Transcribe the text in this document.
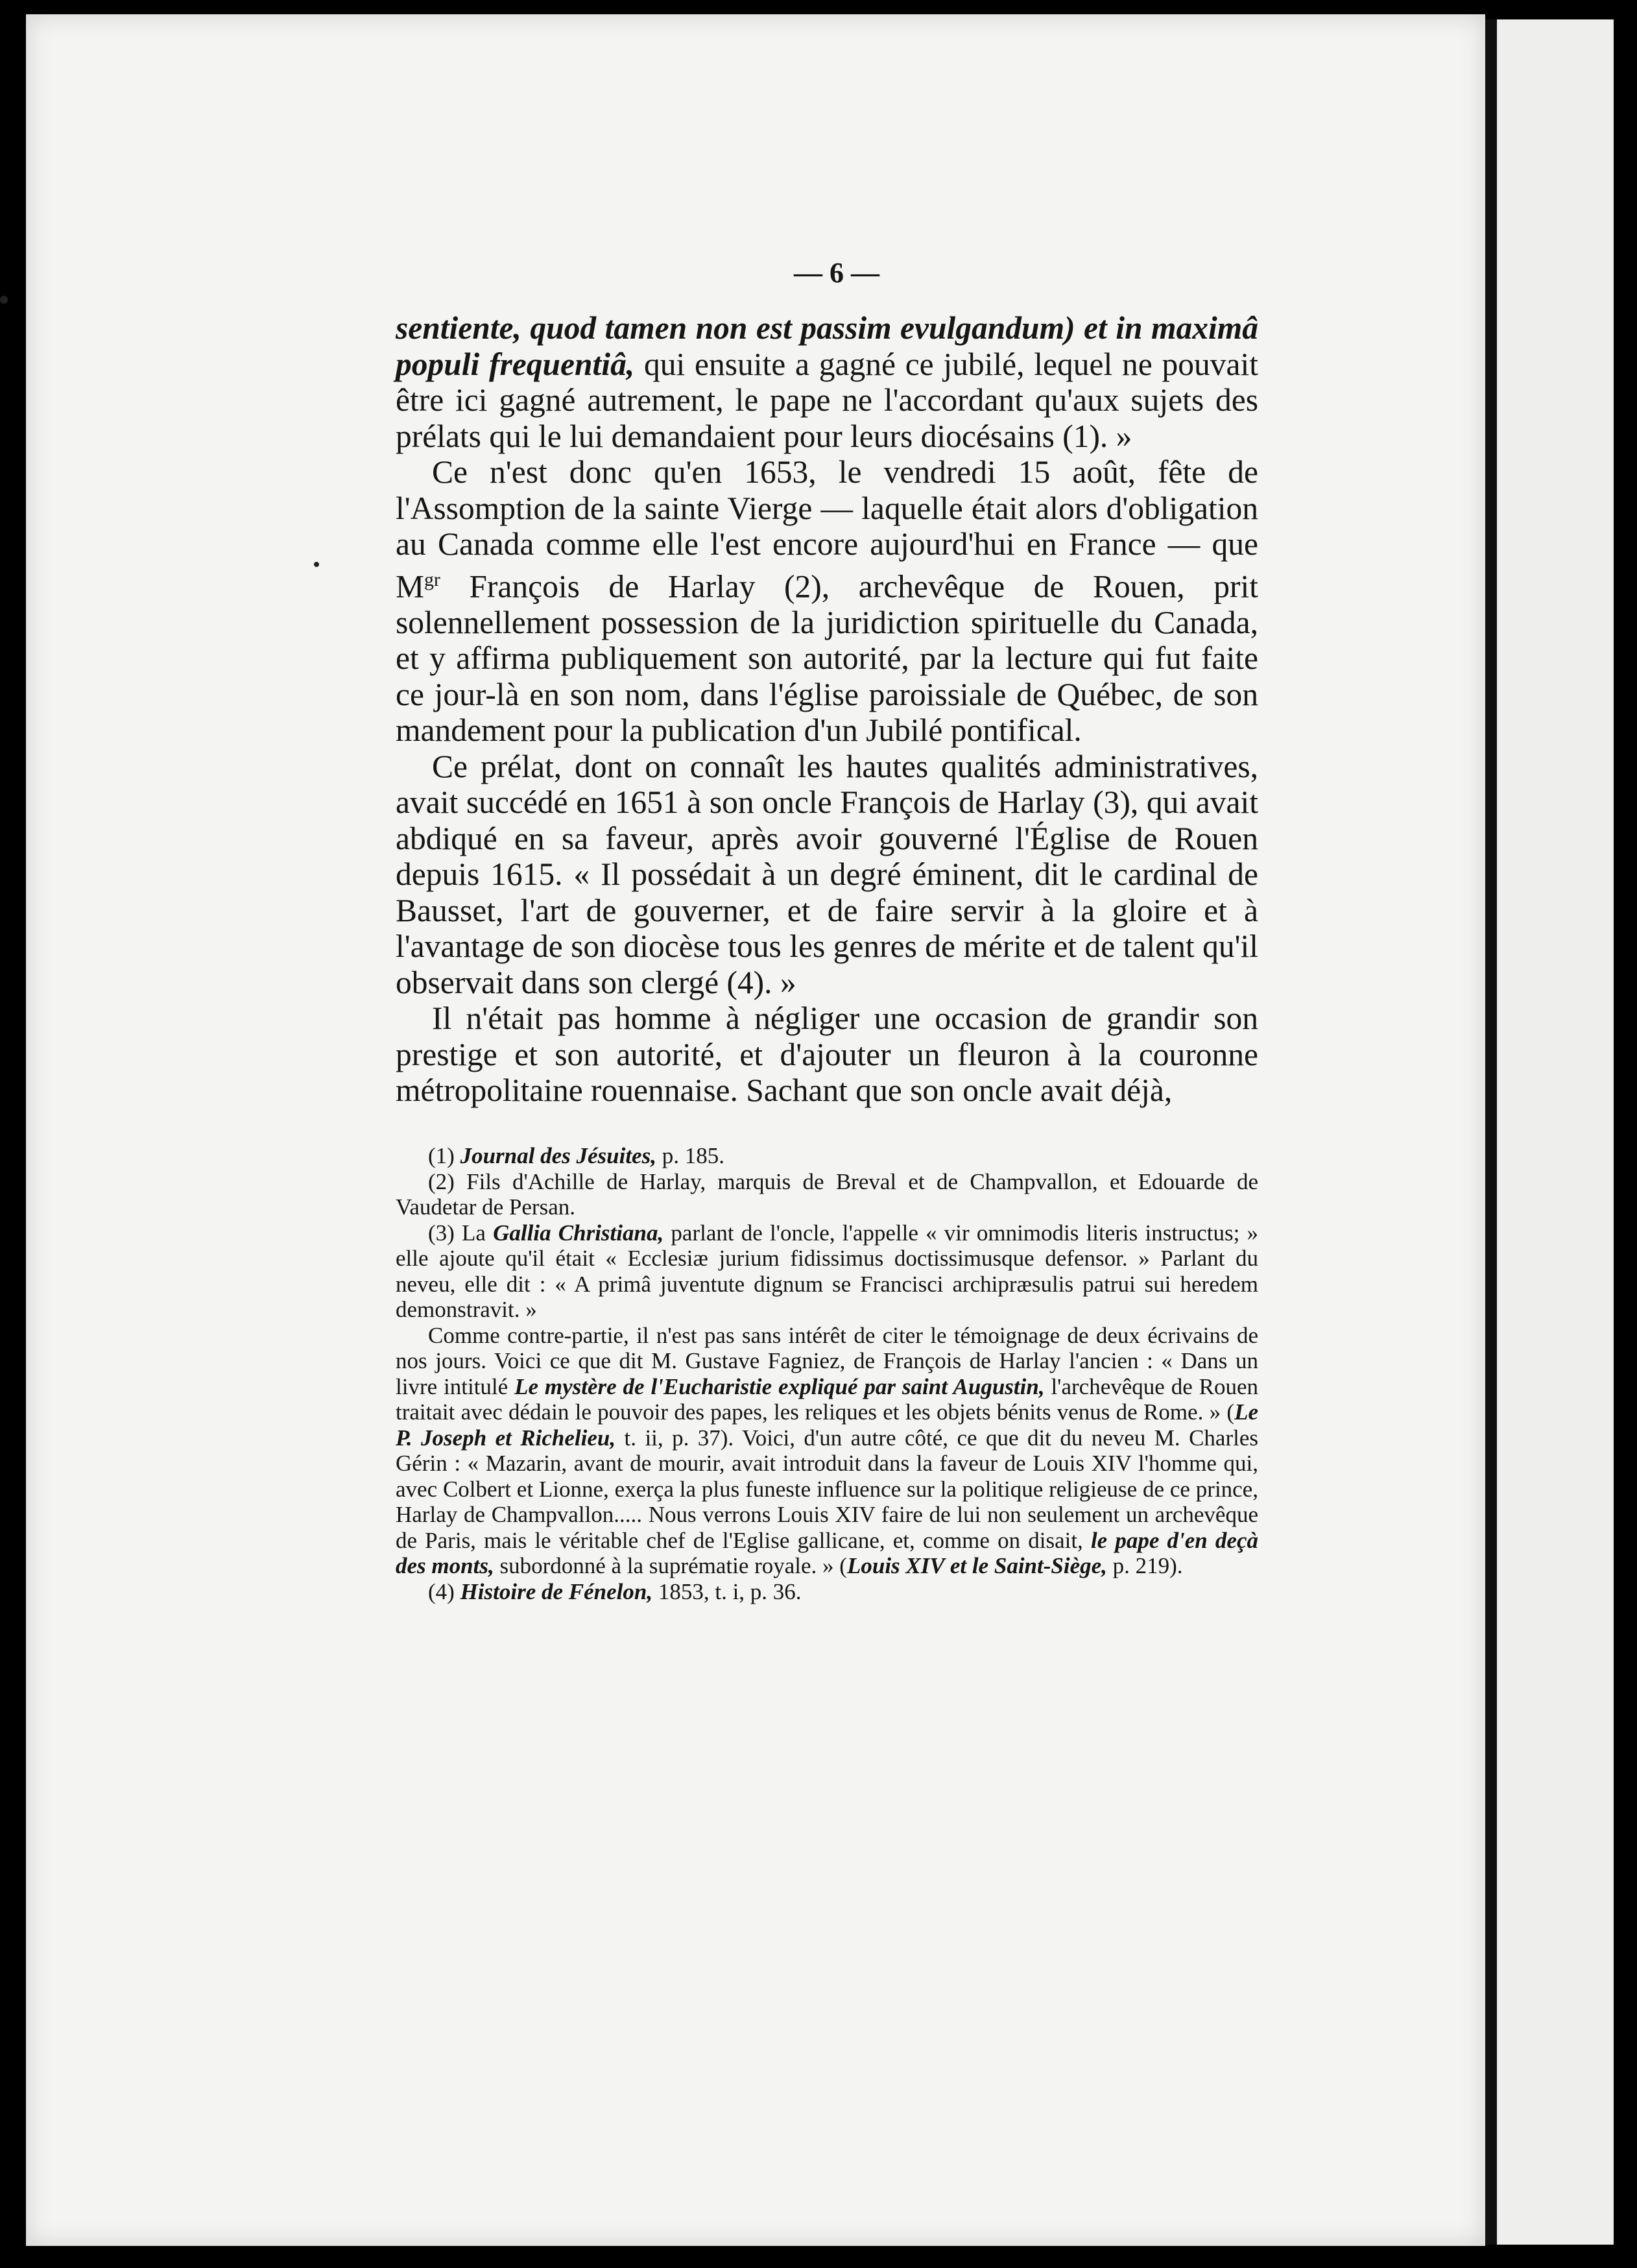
— 6 —

sentiente, quod tamen non est passim evulgandum) et in maximâ populi frequentiâ, qui ensuite a gagné ce jubilé, lequel ne pouvait être ici gagné autrement, le pape ne l'accordant qu'aux sujets des prélats qui le lui demandaient pour leurs diocésains (1). »

Ce n'est donc qu'en 1653, le vendredi 15 août, fête de l'Assomption de la sainte Vierge — laquelle était alors d'obligation au Canada comme elle l'est encore aujourd'hui en France — que $M^{gr}$ François de Harlay (2), archevêque de Rouen, prit solennellement possession de la juridiction spirituelle du Canada, et y affirma publiquement son autorité, par la lecture qui fut faite ce jour-là en son nom, dans l'église paroissiale de Québec, de son mandement pour la publication d'un Jubilé pontifical.

Ce prélat, dont on connaît les hautes qualités administratives, avait succédé en 1651 à son oncle François de Harlay (3), qui avait abdiqué en sa faveur, après avoir gouverné l'Église de Rouen depuis 1615. « Il possédait à un degré éminent, dit le cardinal de Bausset, l'art de gouverner, et de faire servir à la gloire et à l'avantage de son diocèse tous les genres de mérite et de talent qu'il observait dans son clergé (4). »

Il n'était pas homme à négliger une occasion de grandir son prestige et son autorité, et d'ajouter un fleuron à la couronne métropolitaine rouennaise. Sachant que son oncle avait déjà,

(1) Journal des Jésuites, p. 185.

(2) Fils d'Achille de Harlay, marquis de Breval et de Champvallon, et Edouarde de Vaudetar de Persan.

(3) La Gallia Christiana, parlant de l'oncle, l'appelle « vir omnimodis literis instructus; » elle ajoute qu'il était « Ecclesiæ jurium fidissimus doctissimusque defensor. » Parlant du neveu, elle dit : « A primâ juventute dignum se Francisci archipræsulis patrui sui heredem demonstravit. »

Comme contre-partie, il n'est pas sans intérêt de citer le témoignage de deux écrivains de nos jours. Voici ce que dit M. Gustave Fagniez, de François de Harlay l'ancien : « Dans un livre intitulé Le mystère de l'Eucharistie expliqué par saint Augustin, l'archevêque de Rouen traitait avec dédain le pouvoir des papes, les reliques et les objets bénits venus de Rome. » (Le P. Joseph et Richelieu, t. ii, p. 37). Voici, d'un autre côté, ce que dit du neveu M. Charles Gérin : « Mazarin, avant de mourir, avait introduit dans la faveur de Louis XIV l'homme qui, avec Colbert et Lionne, exerça la plus funeste influence sur la politique religieuse de ce prince, Harlay de Champvallon..... Nous verrons Louis XIV faire de lui non seulement un archevêque de Paris, mais le véritable chef de l'Eglise gallicane, et, comme on disait, le pape d'en deçà des monts, subordonné à la suprématie royale. » (Louis XIV et le Saint-Siège, p. 219).

(4) Histoire de Fénelon, 1853, t. i, p. 36.
